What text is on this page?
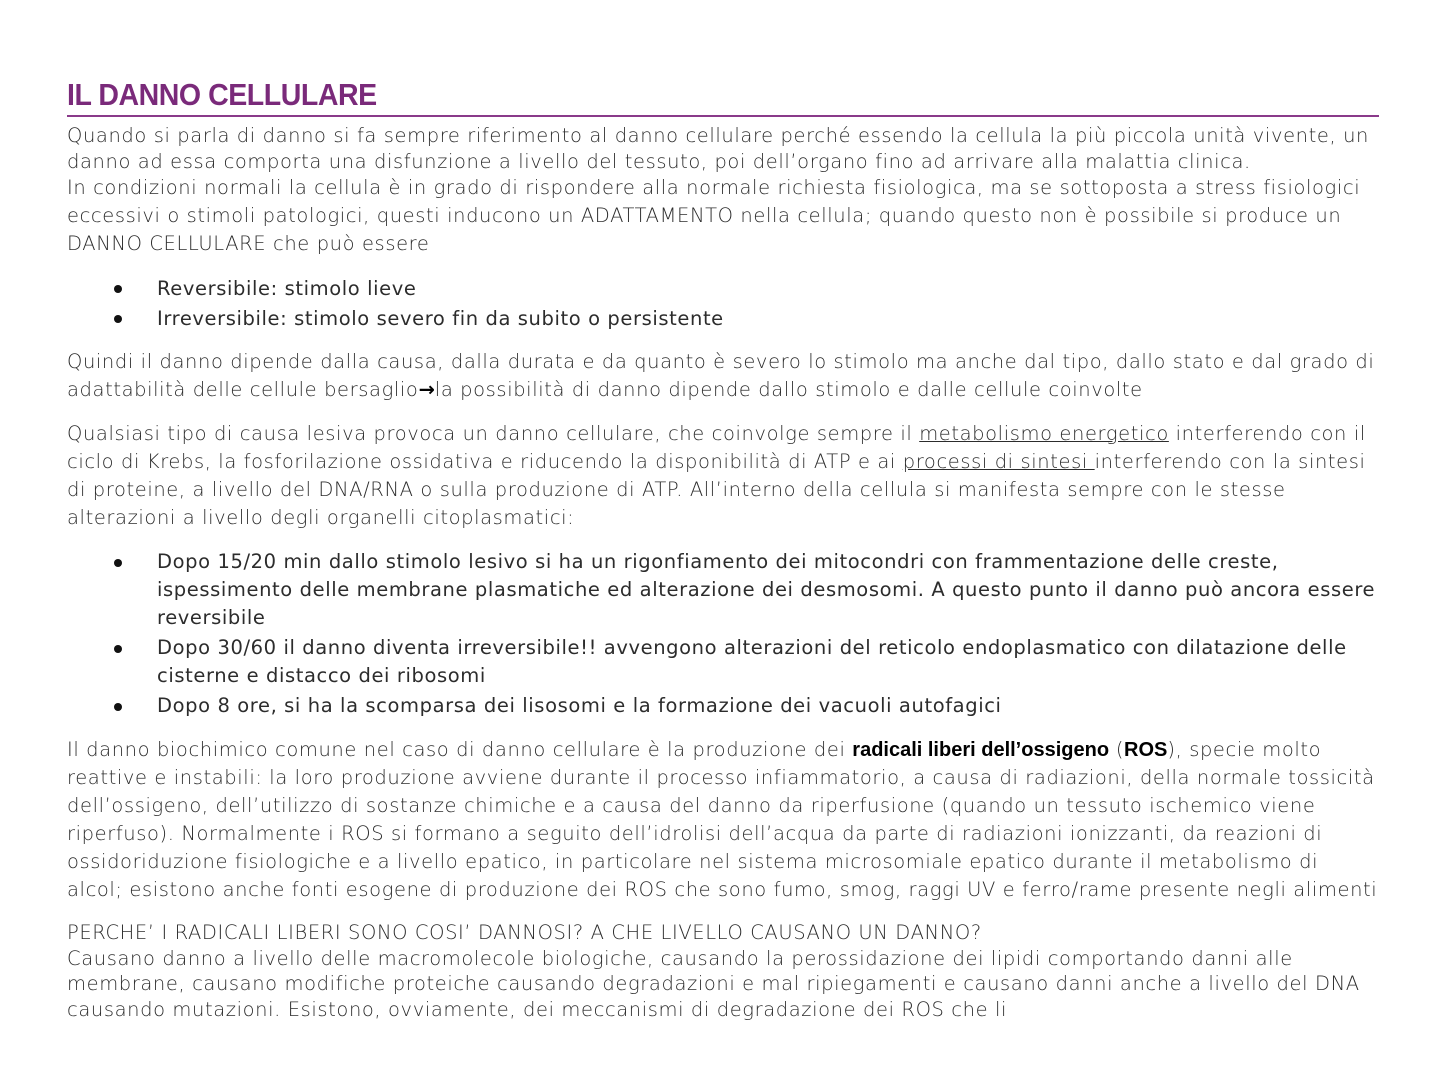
IL DANNO CELLULARE

Quando si parla di danno si fa sempre riferimento al danno cellulare perché essendo la cellula la più piccola unità vivente, un danno ad essa comporta una disfunzione a livello del tessuto, poi dell’organo fino ad arrivare alla malattia clinica.

In condizioni normali la cellula è in grado di rispondere alla normale richiesta fisiologica, ma se sottoposta a stress fisiologici eccessivi o stimoli patologici, questi inducono un ADATTAMENTO nella cellula; quando questo non è possibile si produce un DANNO CELLULARE che può essere

Reversibile: stimolo lieve
Irreversibile: stimolo severo fin da subito o persistente

Quindi il danno dipende dalla causa, dalla durata e da quanto è severo lo stimolo ma anche dal tipo, dallo stato e dal grado di adattabilità delle cellule bersaglio→la possibilità di danno dipende dallo stimolo e dalle cellule coinvolte

Qualsiasi tipo di causa lesiva provoca un danno cellulare, che coinvolge sempre il metabolismo energetico interferendo con il ciclo di Krebs, la fosforilazione ossidativa e riducendo la disponibilità di ATP e ai processi di sintesi interferendo con la sintesi di proteine, a livello del DNA/RNA o sulla produzione di ATP. All’interno della cellula si manifesta sempre con le stesse alterazioni a livello degli organelli citoplasmatici:

Dopo 15/20 min dallo stimolo lesivo si ha un rigonfiamento dei mitocondri con frammentazione delle creste, ispessimento delle membrane plasmatiche ed alterazione dei desmosomi. A questo punto il danno può ancora essere reversibile
Dopo 30/60 il danno diventa irreversibile!! avvengono alterazioni del reticolo endoplasmatico con dilatazione delle cisterne e distacco dei ribosomi
Dopo 8 ore, si ha la scomparsa dei lisosomi e la formazione dei vacuoli autofagici

Il danno biochimico comune nel caso di danno cellulare è la produzione dei radicali liberi dell’ossigeno (ROS), specie molto reattive e instabili: la loro produzione avviene durante il processo infiammatorio, a causa di radiazioni, della normale tossicità dell’ossigeno, dell’utilizzo di sostanze chimiche e a causa del danno da riperfusione (quando un tessuto ischemico viene riperfuso). Normalmente i ROS si formano a seguito dell’idrolisi dell’acqua da parte di radiazioni ionizzanti, da reazioni di ossidoriduzione fisiologiche e a livello epatico, in particolare nel sistema microsomiale epatico durante il metabolismo di alcol; esistono anche fonti esogene di produzione dei ROS che sono fumo, smog, raggi UV e ferro/rame presente negli alimenti

PERCHE’ I RADICALI LIBERI SONO COSI’ DANNOSI? A CHE LIVELLO CAUSANO UN DANNO?

Causano danno a livello delle macromolecole biologiche, causando la perossidazione dei lipidi comportando danni alle membrane, causano modifiche proteiche causando degradazioni e mal ripiegamenti e causano danni anche a livello del DNA causando mutazioni. Esistono, ovviamente, dei meccanismi di degradazione dei ROS che li
